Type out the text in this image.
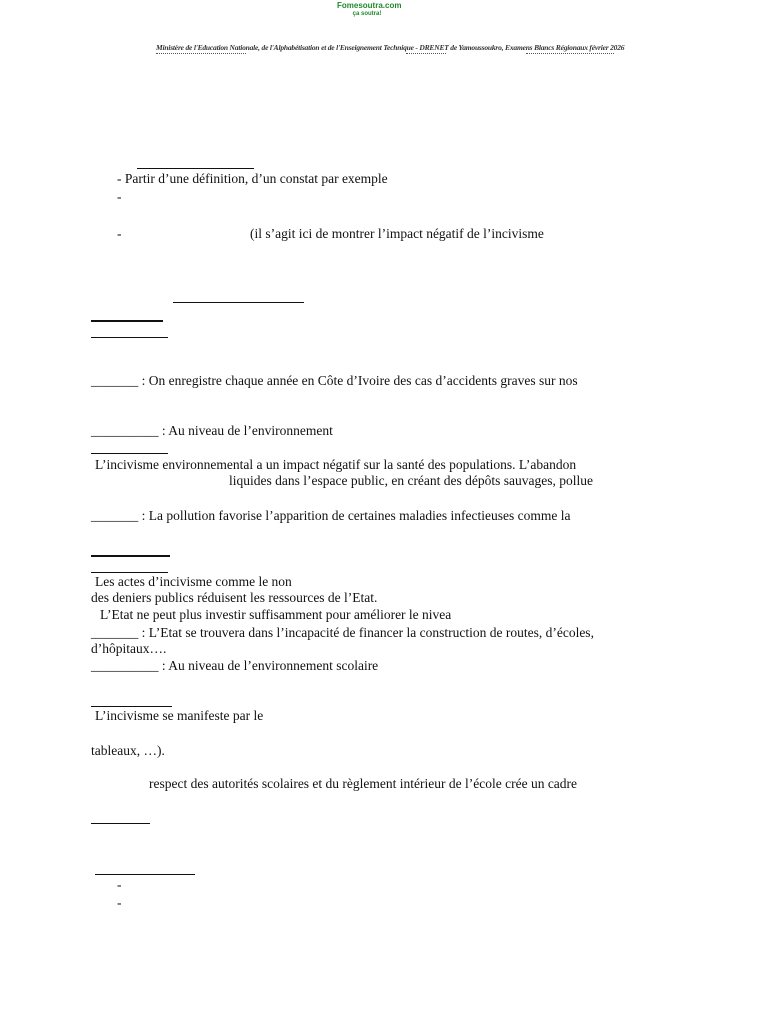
Fomesoutra.com
ça soutra!
Ministère de l'Education Nationale, de l'Alphabétisation et de l'Enseignement Technique - DRENET de Yamoussoukro, Examens Blancs Régionaux février 2026
- Partir d’une définition, d’un constat par exemple
-
-	(il s’agit ici de montrer l’impact négatif de l’incivisme
_______ : On enregistre chaque année en Côte d’Ivoire des cas d’accidents graves sur nos
__________ : Au niveau de l’environnement
L’incivisme environnemental a un impact négatif sur la santé des populations. L’abandon
liquides dans l’espace public, en créant des dépôts sauvages, pollue
_______ : La pollution favorise l’apparition de certaines maladies infectieuses comme la
Les actes d’incivisme comme le non
des deniers publics réduisent les ressources de l’Etat.
L’Etat ne peut plus investir suffisamment pour améliorer le nivea
_______ : L’Etat se trouvera dans l’incapacité de financer la construction de routes, d’écoles,
d’hôpitaux….
__________ : Au niveau de l’environnement scolaire
L’incivisme se manifeste par le
tableaux, …).
respect des autorités scolaires et du règlement intérieur de l’école crée un cadre
-
-
